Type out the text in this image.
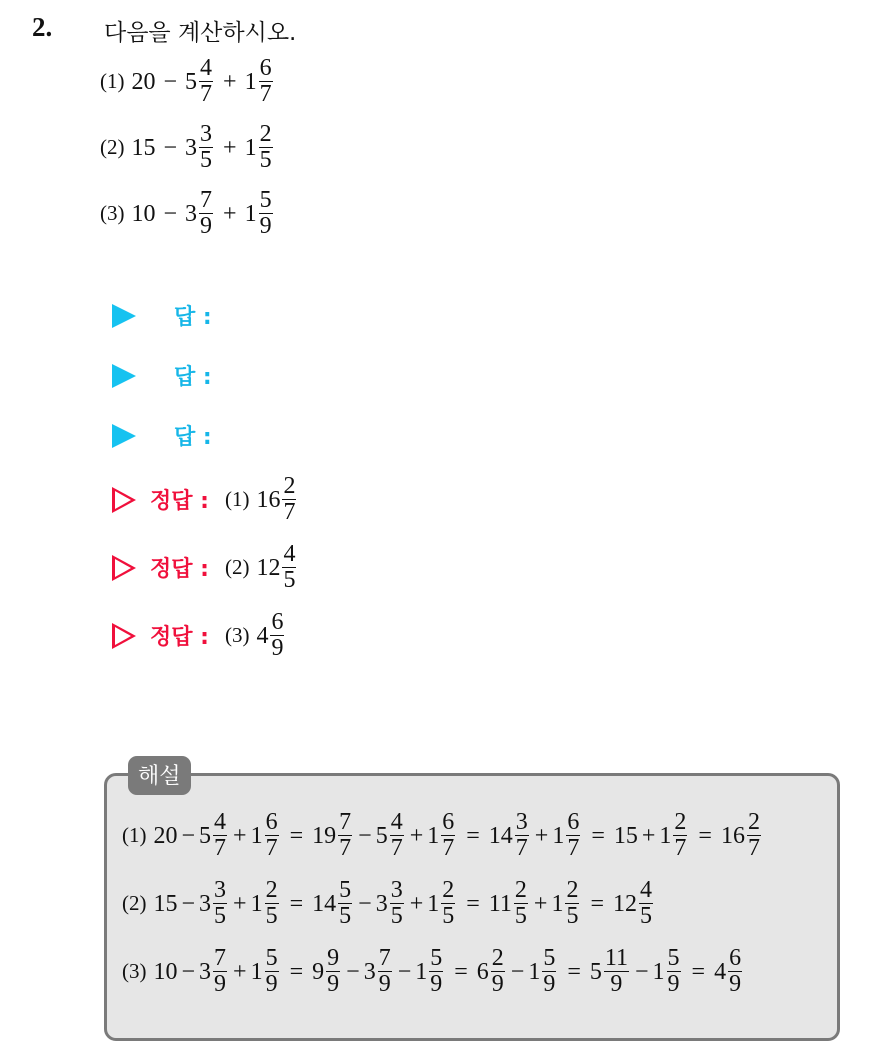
2. 다음을 계산하시오.
(1) $20 - 5 \frac{4}{7} + 1 \frac{6}{7}$
(2) $15 - 3 \frac{3}{5} + 1 \frac{2}{5}$
(3) $10 - 3 \frac{7}{9} + 1 \frac{5}{9}$
답 :
답 :
답 :
정답 : (1) $16 \frac{2}{7}$
정답 : (2) $12 \frac{4}{5}$
정답 : (3) $4 \frac{6}{9}$
해설
(1) $20 - 5 \frac{4}{7} + 1 \frac{6}{7} = 19 \frac{7}{7} - 5 \frac{4}{7} + 1 \frac{6}{7} = 14 \frac{3}{7} + 1 \frac{6}{7} = 15 + 1 \frac{2}{7} = 16 \frac{2}{7}$
(2) $15 - 3 \frac{3}{5} + 1 \frac{2}{5} = 14 \frac{5}{5} - 3 \frac{3}{5} + 1 \frac{2}{5} = 11 \frac{2}{5} + 1 \frac{2}{5} = 12 \frac{4}{5}$
(3) $10 - 3 \frac{7}{9} + 1 \frac{5}{9} = 9 \frac{9}{9} - 3 \frac{7}{9} - 1 \frac{5}{9} = 6 \frac{2}{9} - 1 \frac{5}{9} = 5 \frac{11}{9} - 1 \frac{5}{9} = 4 \frac{6}{9}$
